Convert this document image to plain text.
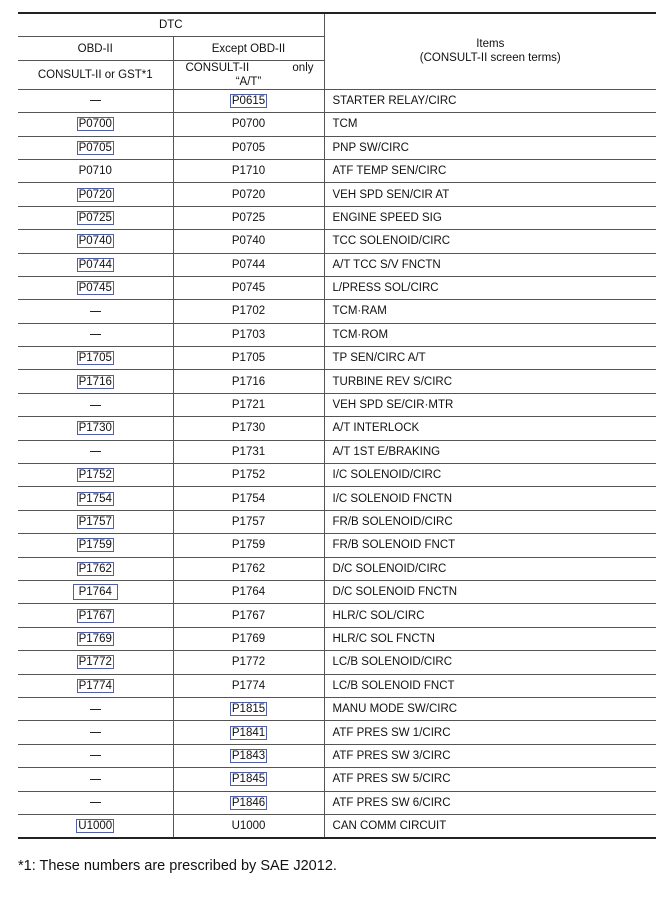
DTC		Items
(CONSULT-II screen terms)

OBD-II	Except OBD-II	
CONSULT-II or GST*1	CONSULT-II only
“A/T”	

	P0615	STARTER RELAY/CIRC
P0700	P0700	TCM
P0705	P0705	PNP SW/CIRC
P0710	P1710	ATF TEMP SEN/CIRC
P0720	P0720	VEH SPD SEN/CIR AT
P0725	P0725	ENGINE SPEED SIG
P0740	P0740	TCC SOLENOID/CIRC
P0744	P0744	A/T TCC S/V FNCTN
P0745	P0745	L/PRESS SOL/CIRC
	P1702	TCM·RAM
	P1703	TCM·ROM
P1705	P1705	TP SEN/CIRC A/T
P1716	P1716	TURBINE REV S/CIRC
	P1721	VEH SPD SE/CIR·MTR
P1730	P1730	A/T INTERLOCK
	P1731	A/T 1ST E/BRAKING
P1752	P1752	I/C SOLENOID/CIRC
P1754	P1754	I/C SOLENOID FNCTN
P1757	P1757	FR/B SOLENOID/CIRC
P1759	P1759	FR/B SOLENOID FNCT
P1762	P1762	D/C SOLENOID/CIRC
P1764	P1764	D/C SOLENOID FNCTN
P1767	P1767	HLR/C SOL/CIRC
P1769	P1769	HLR/C SOL FNCTN
P1772	P1772	LC/B SOLENOID/CIRC
P1774	P1774	LC/B SOLENOID FNCT
	P1815	MANU MODE SW/CIRC
	P1841	ATF PRES SW 1/CIRC
	P1843	ATF PRES SW 3/CIRC
	P1845	ATF PRES SW 5/CIRC
	P1846	ATF PRES SW 6/CIRC
U1000	U1000	CAN COMM CIRCUIT
*1: These numbers are prescribed by SAE J2012.
